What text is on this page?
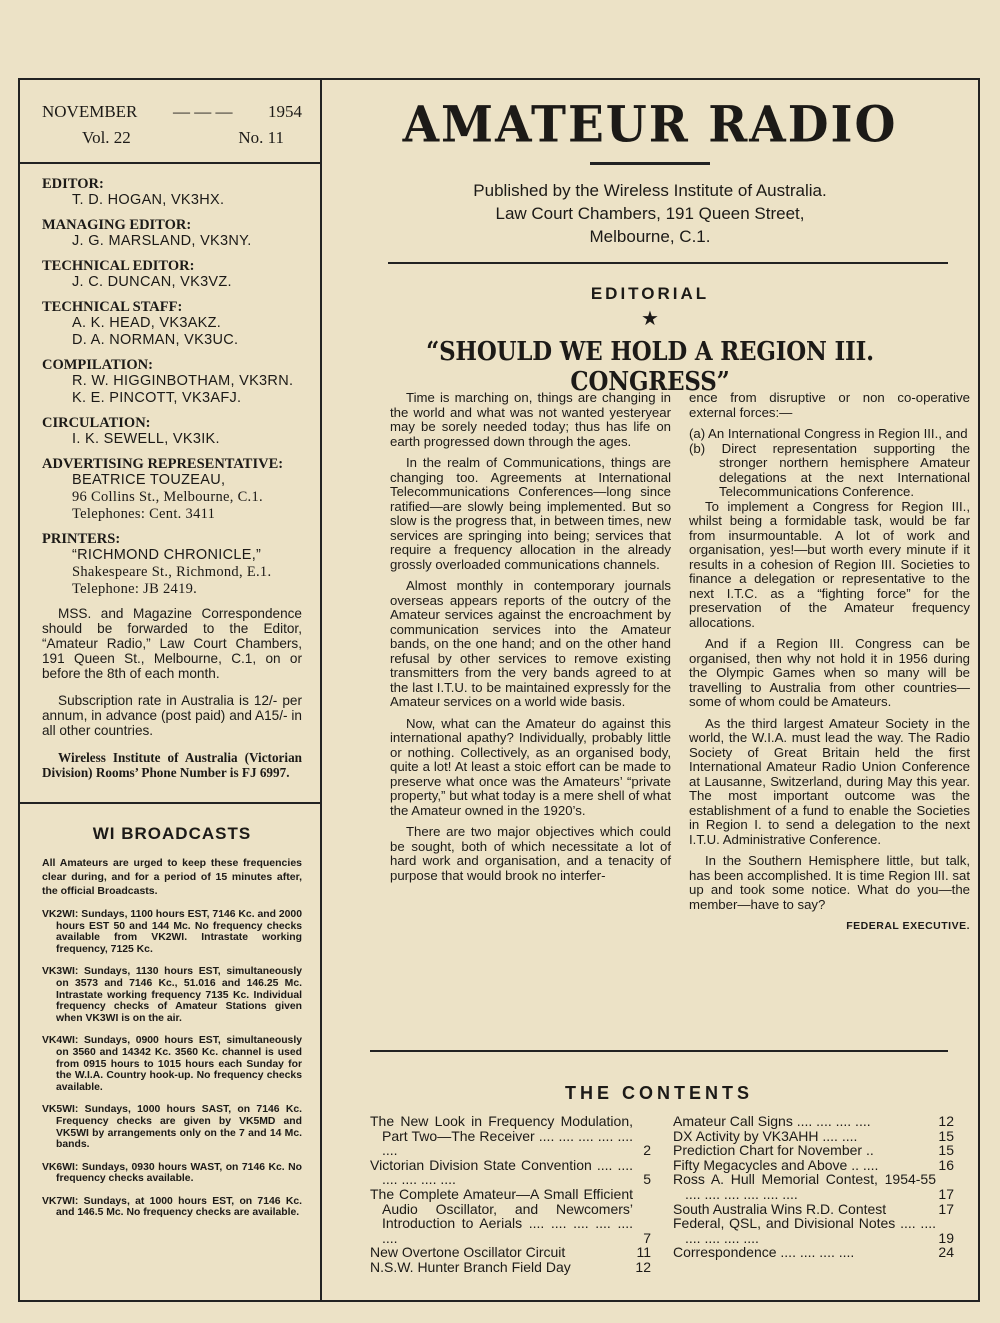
NOVEMBER — — — 1954
Vol. 22	No. 11
EDITOR:
T. D. HOGAN, VK3HX.
MANAGING EDITOR:
J. G. MARSLAND, VK3NY.
TECHNICAL EDITOR:
J. C. DUNCAN, VK3VZ.
TECHNICAL STAFF:
A. K. HEAD, VK3AKZ.
D. A. NORMAN, VK3UC.
COMPILATION:
R. W. HIGGINBOTHAM, VK3RN.
K. E. PINCOTT, VK3AFJ.
CIRCULATION:
I. K. SEWELL, VK3IK.
ADVERTISING REPRESENTATIVE:
BEATRICE TOUZEAU,
96 Collins St., Melbourne, C.1.
Telephones: Cent. 3411
PRINTERS:
“RICHMOND CHRONICLE,”
Shakespeare St., Richmond, E.1.
Telephone: JB 2419.
MSS. and Magazine Correspondence should be forwarded to the Editor, “Amateur Radio,” Law Court Chambers, 191 Queen St., Melbourne, C.1, on or before the 8th of each month.
Subscription rate in Australia is 12/- per annum, in advance (post paid) and A15/- in all other countries.
Wireless Institute of Australia (Victorian Division) Rooms’ Phone Number is FJ 6997.
WI BROADCASTS
All Amateurs are urged to keep these frequencies clear during, and for a period of 15 minutes after, the official Broadcasts.
VK2WI: Sundays, 1100 hours EST, 7146 Kc. and 2000 hours EST 50 and 144 Mc. No frequency checks available from VK2WI. Intrastate working frequency, 7125 Kc.
VK3WI: Sundays, 1130 hours EST, simultaneously on 3573 and 7146 Kc., 51.016 and 146.25 Mc. Intrastate working frequency 7135 Kc. Individual frequency checks of Amateur Stations given when VK3WI is on the air.
VK4WI: Sundays, 0900 hours EST, simultaneously on 3560 and 14342 Kc. 3560 Kc. channel is used from 0915 hours to 1015 hours each Sunday for the W.I.A. Country hook-up. No frequency checks available.
VK5WI: Sundays, 1000 hours SAST, on 7146 Kc. Frequency checks are given by VK5MD and VK5WI by arrangements only on the 7 and 14 Mc. bands.
VK6WI: Sundays, 0930 hours WAST, on 7146 Kc. No frequency checks available.
VK7WI: Sundays, at 1000 hours EST, on 7146 Kc. and 146.5 Mc. No frequency checks are available.
AMATEUR RADIO
Published by the Wireless Institute of Australia.
Law Court Chambers, 191 Queen Street,
Melbourne, C.1.
EDITORIAL
★
“SHOULD WE HOLD A REGION III. CONGRESS”

Time is marching on, things are changing in the world and what was not wanted yesteryear may be sorely needed today; thus has life on earth progressed down through the ages.

In the realm of Communications, things are changing too. Agreements at International Telecommunications Conferences—long since ratified—are slowly being implemented. But so slow is the progress that, in between times, new services are springing into being; services that require a frequency allocation in the already grossly overloaded communications channels.

Almost monthly in contemporary journals overseas appears reports of the outcry of the Amateur services against the encroachment by communication services into the Amateur bands, on the one hand; and on the other hand refusal by other services to remove existing transmitters from the very bands agreed to at the last I.T.U. to be maintained expressly for the Amateur services on a world wide basis.

Now, what can the Amateur do against this international apathy? Individually, probably little or nothing. Collectively, as an organised body, quite a lot! At least a stoic effort can be made to preserve what once was the Amateurs’ “private property,” but what today is a mere shell of what the Amateur owned in the 1920’s.

There are two major objectives which could be sought, both of which necessitate a lot of hard work and organisation, and a tenacity of purpose that would brook no interfer-

ence from disruptive or non co-operative external forces:—

(a) An International Congress in Region III., and
(b) Direct representation supporting the stronger northern hemisphere Amateur delegations at the next International Telecommunications Conference.

To implement a Congress for Region III., whilst being a formidable task, would be far from insurmountable. A lot of work and organisation, yes!—but worth every minute if it results in a cohesion of Region III. Societies to finance a delegation or representative to the next I.T.C. as a “fighting force” for the preservation of the Amateur frequency allocations.

And if a Region III. Congress can be organised, then why not hold it in 1956 during the Olympic Games when so many will be travelling to Australia from other countries—some of whom could be Amateurs.

As the third largest Amateur Society in the world, the W.I.A. must lead the way. The Radio Society of Great Britain held the first International Amateur Radio Union Conference at Lausanne, Switzerland, during May this year. The most important outcome was the establishment of a fund to enable the Societies in Region I. to send a delegation to the next I.T.U. Administrative Conference.

In the Southern Hemisphere little, but talk, has been accomplished. It is time Region III. sat up and took some notice. What do you—the member—have to say?

FEDERAL EXECUTIVE.
THE CONTENTS
The New Look in Frequency Modulation, Part Two—The Receiver .... .... .... .... .... ....	2
Victorian Division State Convention .... .... .... .... .... ....	5
The Complete Amateur—A Small Efficient Audio Oscillator, and Newcomers’ Introduction to Aerials .... .... .... .... .... ....	7
New Overtone Oscillator Circuit	11
N.S.W. Hunter Branch Field Day	12
Amateur Call Signs .... .... .... ....	12
DX Activity by VK3AHH .... ....	15
Prediction Chart for November ..	15
Fifty Megacycles and Above .. ....	16
Ross A. Hull Memorial Contest, 1954-55 .... .... .... .... .... ....	17
South Australia Wins R.D. Contest	17
Federal, QSL, and Divisional Notes .... .... .... .... .... ....	19
Correspondence .... .... .... ....	24
